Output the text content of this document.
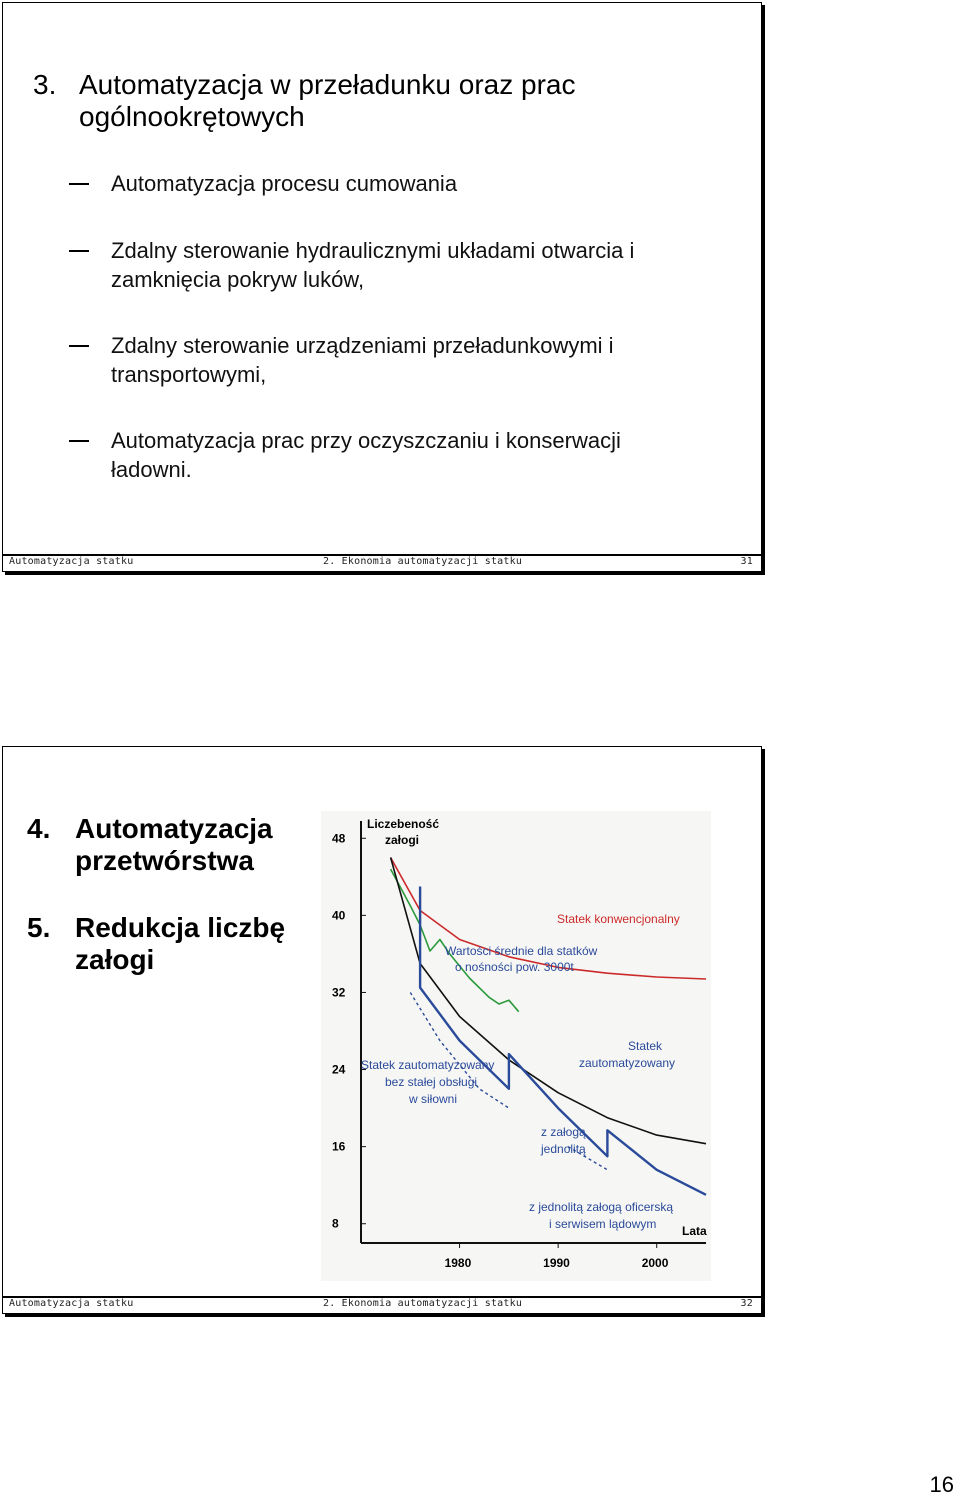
3. Automatyzacja w przeładunku oraz prac
ogólnookrętowych
Automatyzacja procesu cumowania
Zdalny sterowanie hydraulicznymi układami otwarcia i
zamknięcia pokryw luków,
Zdalny sterowanie urządzeniami przeładunkowymi i
transportowymi,
Automatyzacja prac przy oczyszczaniu i konserwacji
ładowni.
Automatyzacja statku	2. Ekonomia automatyzacji statku	31
4. Automatyzacja
przetwórstwa
5. Redukcja liczbę
załogi
48
40
32
24
16
8
1980	1990	2000
Liczebeność
załogi
Lata
Statek konwencjonalny
Wartości średnie dla statków
o nośności pow. 3000t
Statek
zautomatyzowany
Statek zautomatyzowany
bez stałej obsługi
w siłowni
z załogą
jednolitą
z jednolitą załogą oficerską
i serwisem lądowym
Automatyzacja statku	2. Ekonomia automatyzacji statku	32
16
